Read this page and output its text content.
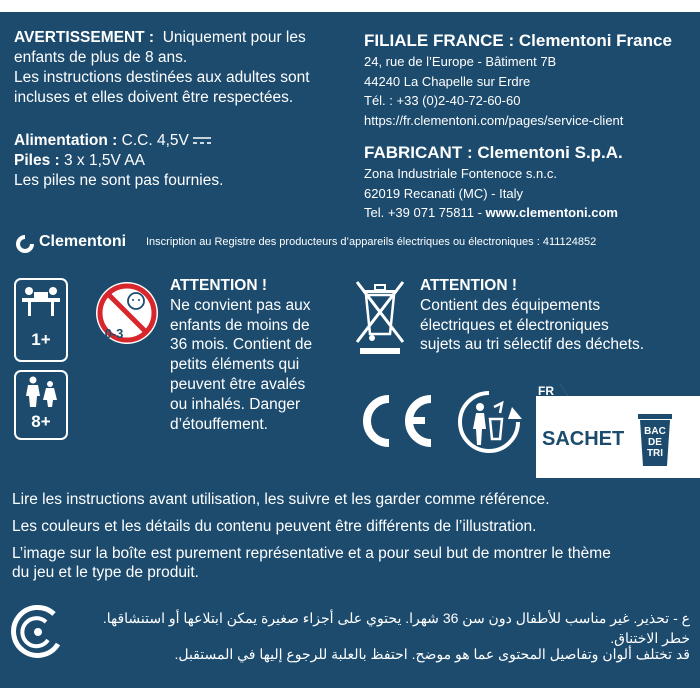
AVERTISSEMENT : Uniquement pour les
enfants de plus de 8 ans.
Les instructions destinées aux adultes sont
incluses et elles doivent être respectées.
Alimentation : C.C. 4,5V
Piles : 3 x 1,5V AA
Les piles ne sont pas fournies.
FILIALE FRANCE : Clementoni France
24, rue de l’Europe - Bâtiment 7B
44240 La Chapelle sur Erdre
Tél. : +33 (0)2-40-72-60-60
https://fr.clementoni.com/pages/service-client
FABRICANT : Clementoni S.p.A.
Zona Industriale Fontenoce s.n.c.
62019 Recanati (MC) - Italy
Tel. +39 071 75811 - www.clementoni.com
Clementoni Inscription au Registre des producteurs d’appareils électriques ou électroniques : 411124852
1+
8+
0-3
ATTENTION !
Ne convient pas aux
enfants de moins de
36 mois. Contient de
petits éléments qui
peuvent être avalés
ou inhalés. Danger
d’étouffement.
ATTENTION !
Contient des équipements
électriques et électroniques
sujets au tri sélectif des déchets.
FR
SACHET BAC
DE
TRI
Lire les instructions avant utilisation, les suivre et les garder comme référence.
Les couleurs et les détails du contenu peuvent être différents de l’illustration.
L’image sur la boîte est purement représentative et a pour seul but de montrer le thème
du jeu et le type de produit.
ع - تحذير. غير مناسب للأطفال دون سن 36 شهرا. يحتوي على أجزاء صغيرة يمكن ابتلاعها أو استنشاقها. خطر الاختناق.
قد تختلف ألوان وتفاصيل المحتوى عما هو موضح. احتفظ بالعلبة للرجوع إليها في المستقبل.
